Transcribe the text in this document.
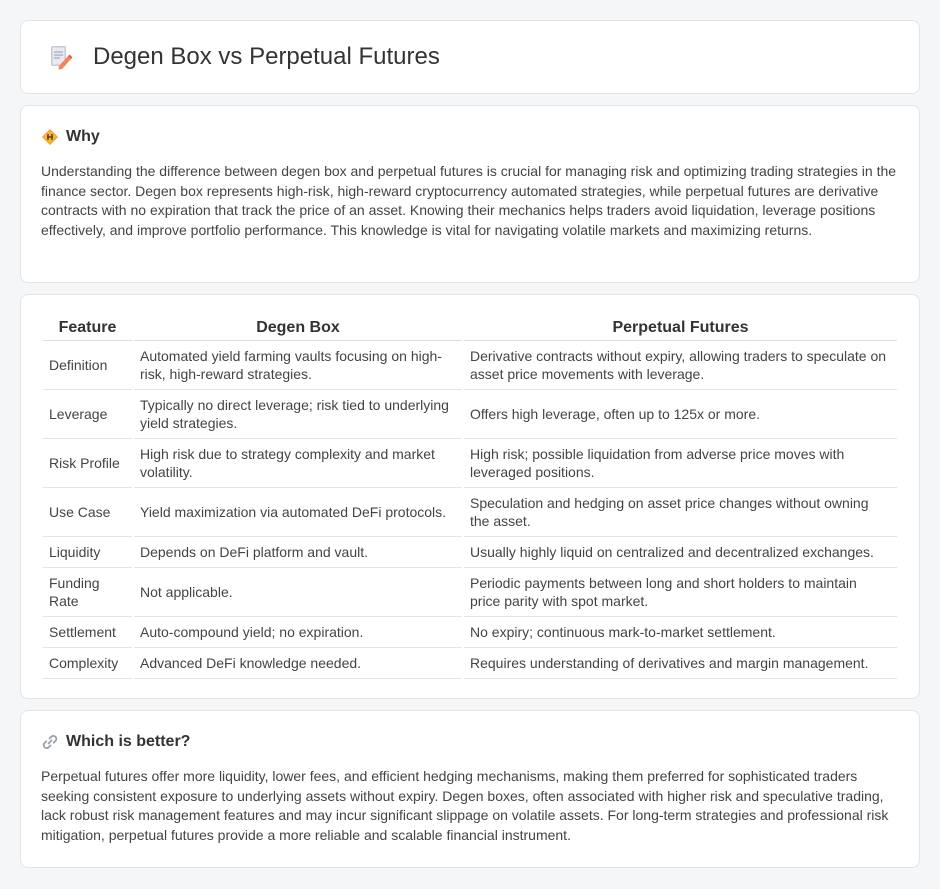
Degen Box vs Perpetual Futures
Why

Understanding the difference between degen box and perpetual futures is crucial for managing risk and optimizing trading strategies in the finance sector. Degen box represents high-risk, high-reward cryptocurrency automated strategies, while perpetual futures are derivative contracts with no expiration that track the price of an asset. Knowing their mechanics helps traders avoid liquidation, leverage positions effectively, and improve portfolio performance. This knowledge is vital for navigating volatile markets and maximizing returns.

Feature	Degen Box	Perpetual Futures
Definition	Automated yield farming vaults focusing on high-risk, high-reward strategies.	Derivative contracts without expiry, allowing traders to speculate on asset price movements with leverage.
Leverage	Typically no direct leverage; risk tied to underlying yield strategies.	Offers high leverage, often up to 125x or more.
Risk Profile	High risk due to strategy complexity and market volatility.	High risk; possible liquidation from adverse price moves with leveraged positions.
Use Case	Yield maximization via automated DeFi protocols.	Speculation and hedging on asset price changes without owning the asset.
Liquidity	Depends on DeFi platform and vault.	Usually highly liquid on centralized and decentralized exchanges.
Funding Rate	Not applicable.	Periodic payments between long and short holders to maintain price parity with spot market.
Settlement	Auto-compound yield; no expiration.	No expiry; continuous mark-to-market settlement.
Complexity	Advanced DeFi knowledge needed.	Requires understanding of derivatives and margin management.
Which is better?

Perpetual futures offer more liquidity, lower fees, and efficient hedging mechanisms, making them preferred for sophisticated traders seeking consistent exposure to underlying assets without expiry. Degen boxes, often associated with higher risk and speculative trading, lack robust risk management features and may incur significant slippage on volatile assets. For long-term strategies and professional risk mitigation, perpetual futures provide a more reliable and scalable financial instrument.
